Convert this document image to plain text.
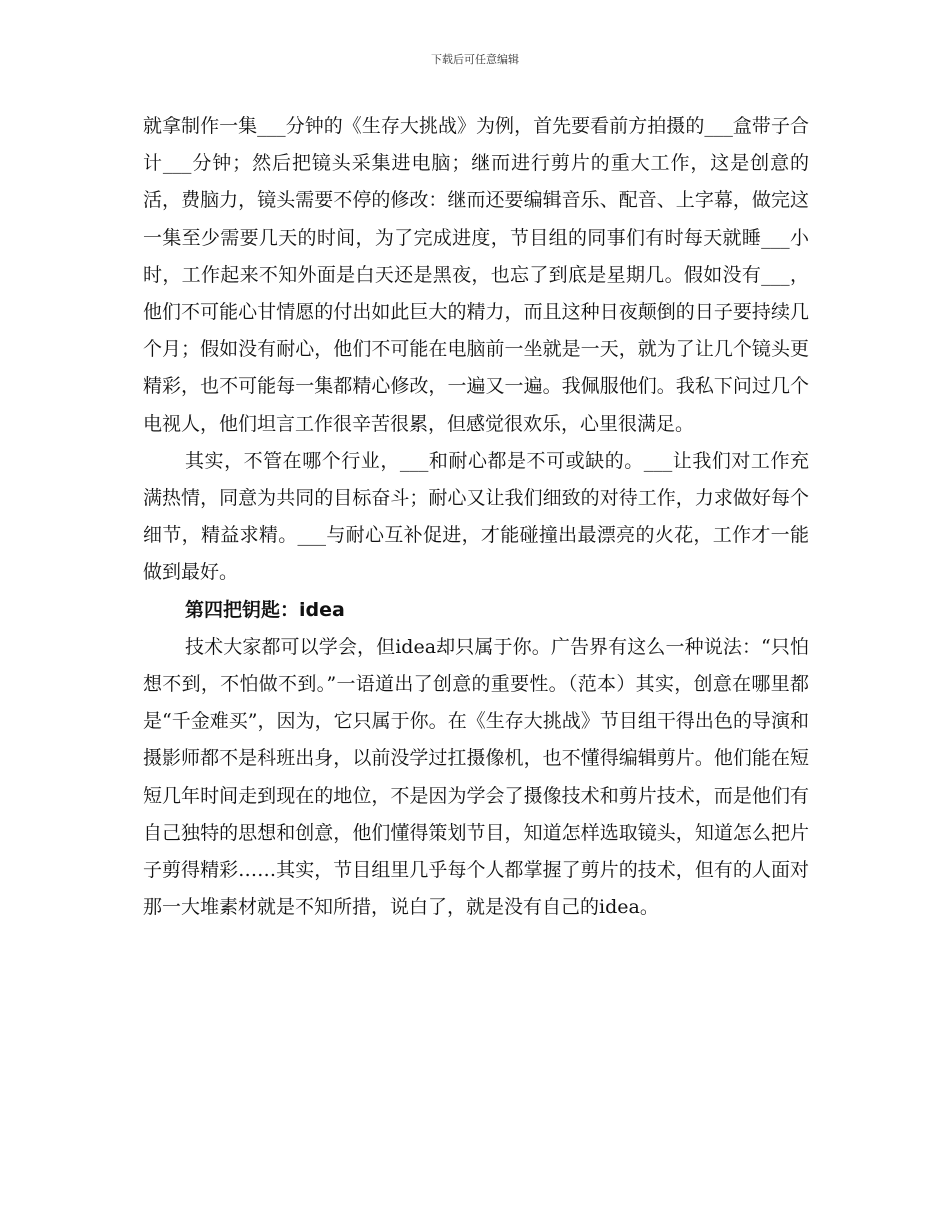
下载后可任意编辑

就拿制作一集___分钟的《生存大挑战》为例，首先要看前方拍摄的___盒带子合计___分钟；然后把镜头采集进电脑；继而进行剪片的重大工作，这是创意的活，费脑力，镜头需要不停的修改：继而还要编辑音乐、配音、上字幕，做完这一集至少需要几天的时间，为了完成进度，节目组的同事们有时每天就睡___小时，工作起来不知外面是白天还是黑夜，也忘了到底是星期几。假如没有___，他们不可能心甘情愿的付出如此巨大的精力，而且这种日夜颠倒的日子要持续几个月；假如没有耐心，他们不可能在电脑前一坐就是一天，就为了让几个镜头更精彩，也不可能每一集都精心修改，一遍又一遍。我佩服他们。我私下问过几个电视人，他们坦言工作很辛苦很累，但感觉很欢乐，心里很满足。

其实，不管在哪个行业，___和耐心都是不可或缺的。___让我们对工作充满热情，同意为共同的目标奋斗；耐心又让我们细致的对待工作，力求做好每个细节，精益求精。___与耐心互补促进，才能碰撞出最漂亮的火花，工作才一能做到最好。

第四把钥匙：idea

技术大家都可以学会，但idea却只属于你。广告界有这么一种说法：“只怕想不到，不怕做不到。”一语道出了创意的重要性。（范本）其实，创意在哪里都是“千金难买”，因为，它只属于你。在《生存大挑战》节目组干得出色的导演和摄影师都不是科班出身，以前没学过扛摄像机，也不懂得编辑剪片。他们能在短短几年时间走到现在的地位，不是因为学会了摄像技术和剪片技术，而是他们有自己独特的思想和创意，他们懂得策划节目，知道怎样选取镜头，知道怎么把片子剪得精彩……其实，节目组里几乎每个人都掌握了剪片的技术，但有的人面对那一大堆素材就是不知所措，说白了，就是没有自己的idea。
